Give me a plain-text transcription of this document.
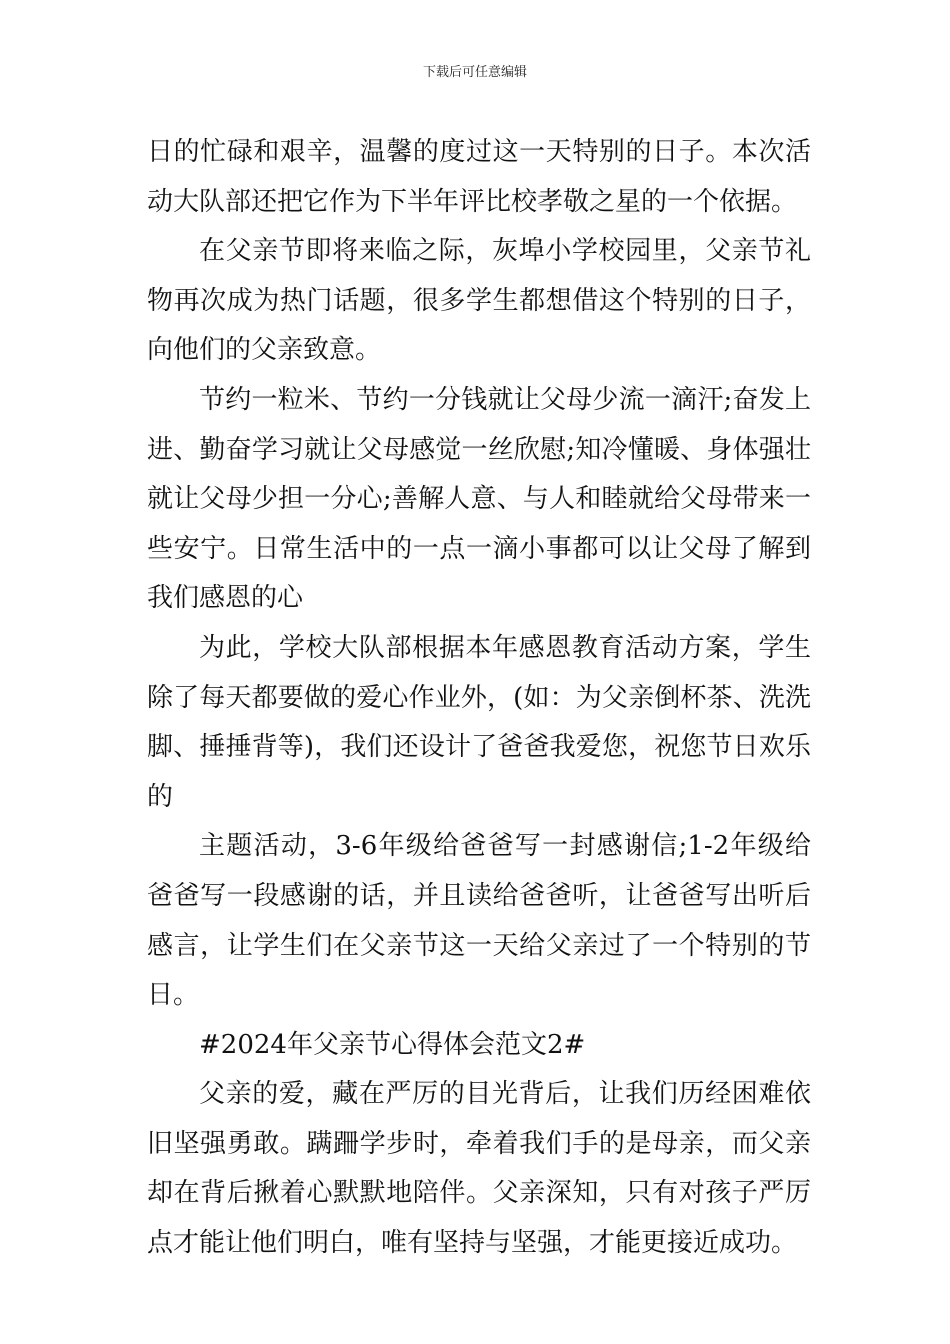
下载后可任意编辑

日的忙碌和艰辛，温馨的度过这一天特别的日子。本次活动大队部还把它作为下半年评比校孝敬之星的一个依据。

在父亲节即将来临之际，灰埠小学校园里，父亲节礼物再次成为热门话题，很多学生都想借这个特别的日子，向他们的父亲致意。

节约一粒米、节约一分钱就让父母少流一滴汗;奋发上进、勤奋学习就让父母感觉一丝欣慰;知冷懂暖、身体强壮就让父母少担一分心;善解人意、与人和睦就给父母带来一些安宁。日常生活中的一点一滴小事都可以让父母了解到我们感恩的心

为此，学校大队部根据本年感恩教育活动方案，学生除了每天都要做的爱心作业外，(如：为父亲倒杯茶、洗洗脚、捶捶背等)，我们还设计了爸爸我爱您，祝您节日欢乐的

主题活动，3-6年级给爸爸写一封感谢信;1-2年级给爸爸写一段感谢的话，并且读给爸爸听，让爸爸写出听后感言，让学生们在父亲节这一天给父亲过了一个特别的节日。

#2024年父亲节心得体会范文2#

父亲的爱，藏在严厉的目光背后，让我们历经困难依旧坚强勇敢。蹒跚学步时，牵着我们手的是母亲，而父亲却在背后揪着心默默地陪伴。父亲深知，只有对孩子严厉点才能让他们明白，唯有坚持与坚强，才能更接近成功。
